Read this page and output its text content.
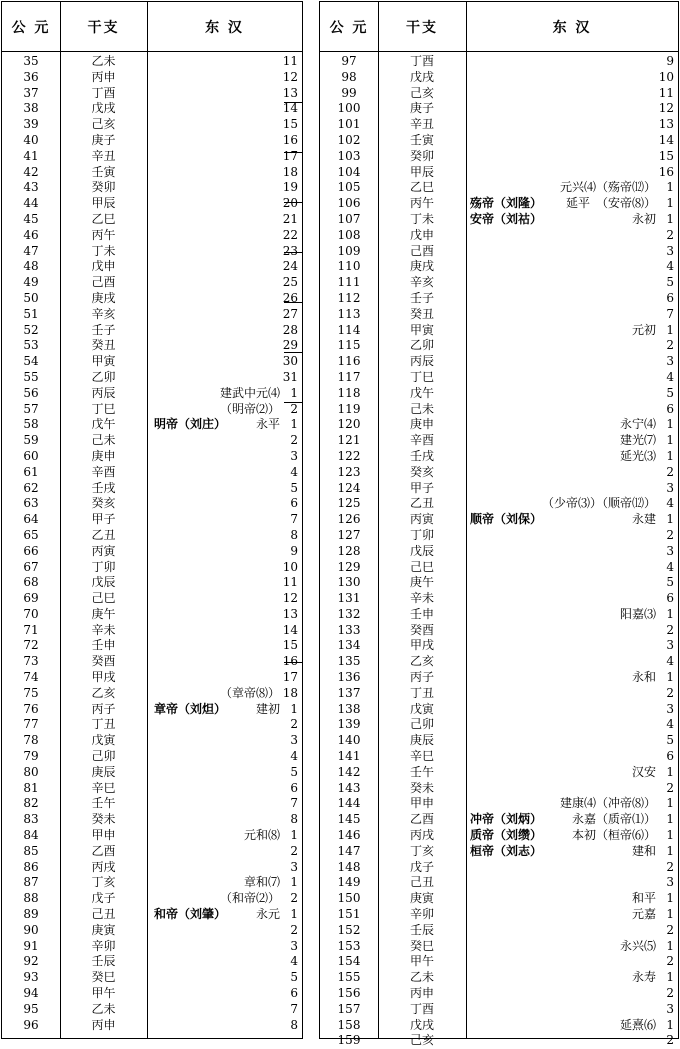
公 元	干支	东 汉
35	乙未	11
36	丙申	12
37	丁酉	13
38	戊戌	14
39	己亥	15
40	庚子	16
41	辛丑	17
42	壬寅	18
43	癸卯	19
44	甲辰	20
45	乙巳	21
46	丙午	22
47	丁未	23
48	戊申	24
49	己酉	25
50	庚戌	26
51	辛亥	27
52	壬子	28
53	癸丑	29
54	甲寅	30
55	乙卯	31
56	丙辰	建武中元⑷ 1
57	丁巳	（明帝⑵） 2
58	戊午	明帝（刘庄） 永平 1
59	己未	2
60	庚申	3
61	辛酉	4
62	壬戌	5
63	癸亥	6
64	甲子	7
65	乙丑	8
66	丙寅	9
67	丁卯	10
68	戊辰	11
69	己巳	12
70	庚午	13
71	辛未	14
72	壬申	15
73	癸酉	16
74	甲戌	17
75	乙亥	（章帝⑻） 18
76	丙子	章帝（刘炟） 建初 1
77	丁丑	2
78	戊寅	3
79	己卯	4
80	庚辰	5
81	辛巳	6
82	壬午	7
83	癸未	8
84	甲申	元和⑻ 1
85	乙酉	2
86	丙戌	3
87	丁亥	章和⑺ 1
88	戊子	（和帝⑵） 2
89	己丑	和帝（刘肇） 永元 1
90	庚寅	2
91	辛卯	3
92	壬辰	4
93	癸巳	5
94	甲午	6
95	乙未	7
96	丙申	8
公 元	干支	东 汉
97	丁酉	9
98	戊戌	10
99	己亥	11
100	庚子	12
101	辛丑	13
102	壬寅	14
103	癸卯	15
104	甲辰	16
105	乙巳	元兴⑷（殇帝⑿） 1
106	丙午	殇帝（刘隆） 延平　（安帝⑻） 1
107	丁未	安帝（刘祜）	永初 1
108	戊申	2
109	己酉	3
110	庚戌	4
111	辛亥	5
112	壬子	6
113	癸丑	7
114	甲寅	元初 1
115	乙卯	2
116	丙辰	3
117	丁巳	4
118	戊午	5
119	己未	6
120	庚申	永宁⑷ 1
121	辛酉	建光⑺ 1
122	壬戌	延光⑶ 1
123	癸亥	2
124	甲子	3
125	乙丑	（少帝⑶）（顺帝⑿） 4
126	丙寅	顺帝（刘保）	永建 1
127	丁卯	2
128	戊辰	3
129	己巳	4
130	庚午	5
131	辛未	6
132	壬申	阳嘉⑶ 1
133	癸酉	2
134	甲戌	3
135	乙亥	4
136	丙子	永和 1
137	丁丑	2
138	戊寅	3
139	己卯	4
140	庚辰	5
141	辛巳	6
142	壬午	汉安 1
143	癸未	2
144	甲申	建康⑷（冲帝⑻） 1
145	乙酉	冲帝（刘炳） 永嘉（质帝⑴） 1
146	丙戌	质帝（刘缵） 本初（桓帝⑹） 1
147	丁亥	桓帝（刘志）	建和 1
148	戊子	2
149	己丑	3
150	庚寅	和平 1
151	辛卯	元嘉 1
152	壬辰	2
153	癸巳	永兴⑸ 1
154	甲午	2
155	乙未	永寿 1
156	丙申	2
157	丁酉	3
158	戊戌	延熹⑹ 1
159	己亥	2
